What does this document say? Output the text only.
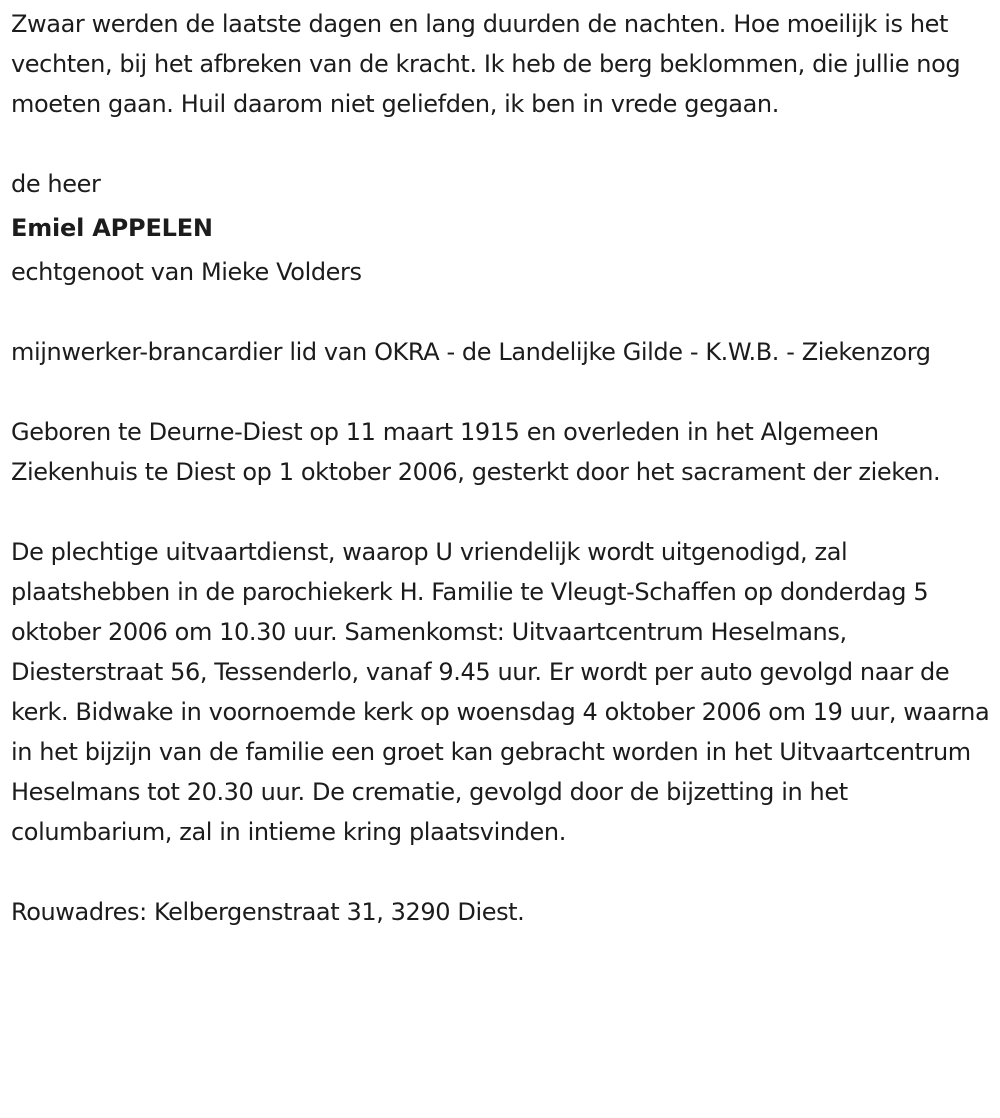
Zwaar werden de laatste dagen en lang duurden de nachten. Hoe moeilijk is het vechten, bij het afbreken van de kracht. Ik heb de berg beklommen, die jullie nog moeten gaan. Huil daarom niet geliefden, ik ben in vrede gegaan.

de heer

Emiel APPELEN

echtgenoot van Mieke Volders

mijnwerker-brancardier lid van OKRA - de Landelijke Gilde - K.W.B. - Ziekenzorg

Geboren te Deurne-Diest op 11 maart 1915 en overleden in het Algemeen Ziekenhuis te Diest op 1 oktober 2006, gesterkt door het sacrament der zieken.

De plechtige uitvaartdienst, waarop U vriendelijk wordt uitgenodigd, zal plaatshebben in de parochiekerk H. Familie te Vleugt-Schaffen op donderdag 5 oktober 2006 om 10.30 uur. Samenkomst: Uitvaartcentrum Heselmans, Diesterstraat 56, Tessenderlo, vanaf 9.45 uur. Er wordt per auto gevolgd naar de kerk. Bidwake in voornoemde kerk op woensdag 4 oktober 2006 om 19 uur, waarna in het bijzijn van de familie een groet kan gebracht worden in het Uitvaartcentrum Heselmans tot 20.30 uur. De crematie, gevolgd door de bijzetting in het columbarium, zal in intieme kring plaatsvinden.

Rouwadres: Kelbergenstraat 31, 3290 Diest.
